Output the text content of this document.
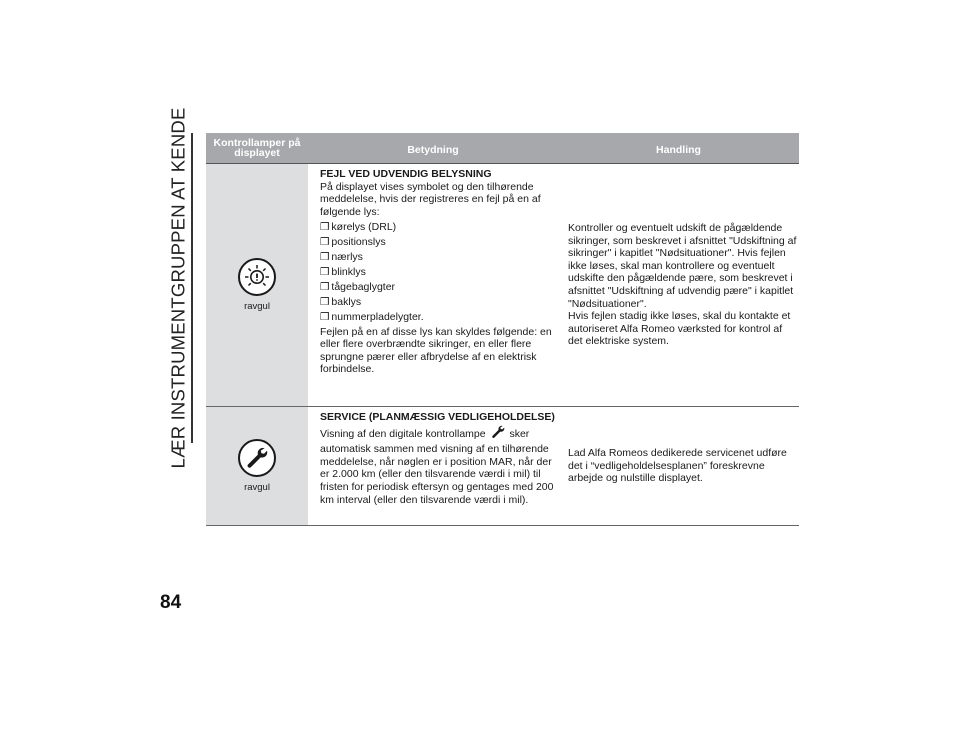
LÆR INSTRUMENTGRUPPEN AT KENDE
84
Kontrollamper på displayet	Betydning	Handling
ravgul
FEJL VED UDVENDIG BELYSNING
På displayet vises symbolet og den tilhørende meddelelse, hvis der registreres en fejl på en af følgende lys:
❒ kørelys (DRL)
❒ positionslys
❒ nærlys
❒ blinklys
❒ tågebaglygter
❒ baklys
❒ nummerpladelygter.
Fejlen på en af disse lys kan skyldes følgende: en eller flere overbrændte sikringer, en eller flere sprungne pærer eller afbrydelse af en elektrisk forbindelse.
Kontroller og eventuelt udskift de pågældende sikringer, som beskrevet i afsnittet "Udskiftning af sikringer" i kapitlet "Nødsituationer". Hvis fejlen ikke løses, skal man kontrollere og eventuelt udskifte den pågældende pære, som beskrevet i afsnittet "Udskiftning af udvendig pære" i kapitlet "Nødsituationer".
Hvis fejlen stadig ikke løses, skal du kontakte et autoriseret Alfa Romeo værksted for kontrol af det elektriske system.
ravgul
SERVICE (PLANMÆSSIG VEDLIGEHOLDELSE)
Visning af den digitale kontrollampe sker automatisk sammen med visning af en tilhørende meddelelse, når nøglen er i position MAR, når der er 2.000 km (eller den tilsvarende værdi i mil) til fristen for periodisk eftersyn og gentages med 200 km interval (eller den tilsvarende værdi i mil).
Lad Alfa Romeos dedikerede servicenet udføre det i “vedligeholdelsesplanen” foreskrevne arbejde og nulstille displayet.
